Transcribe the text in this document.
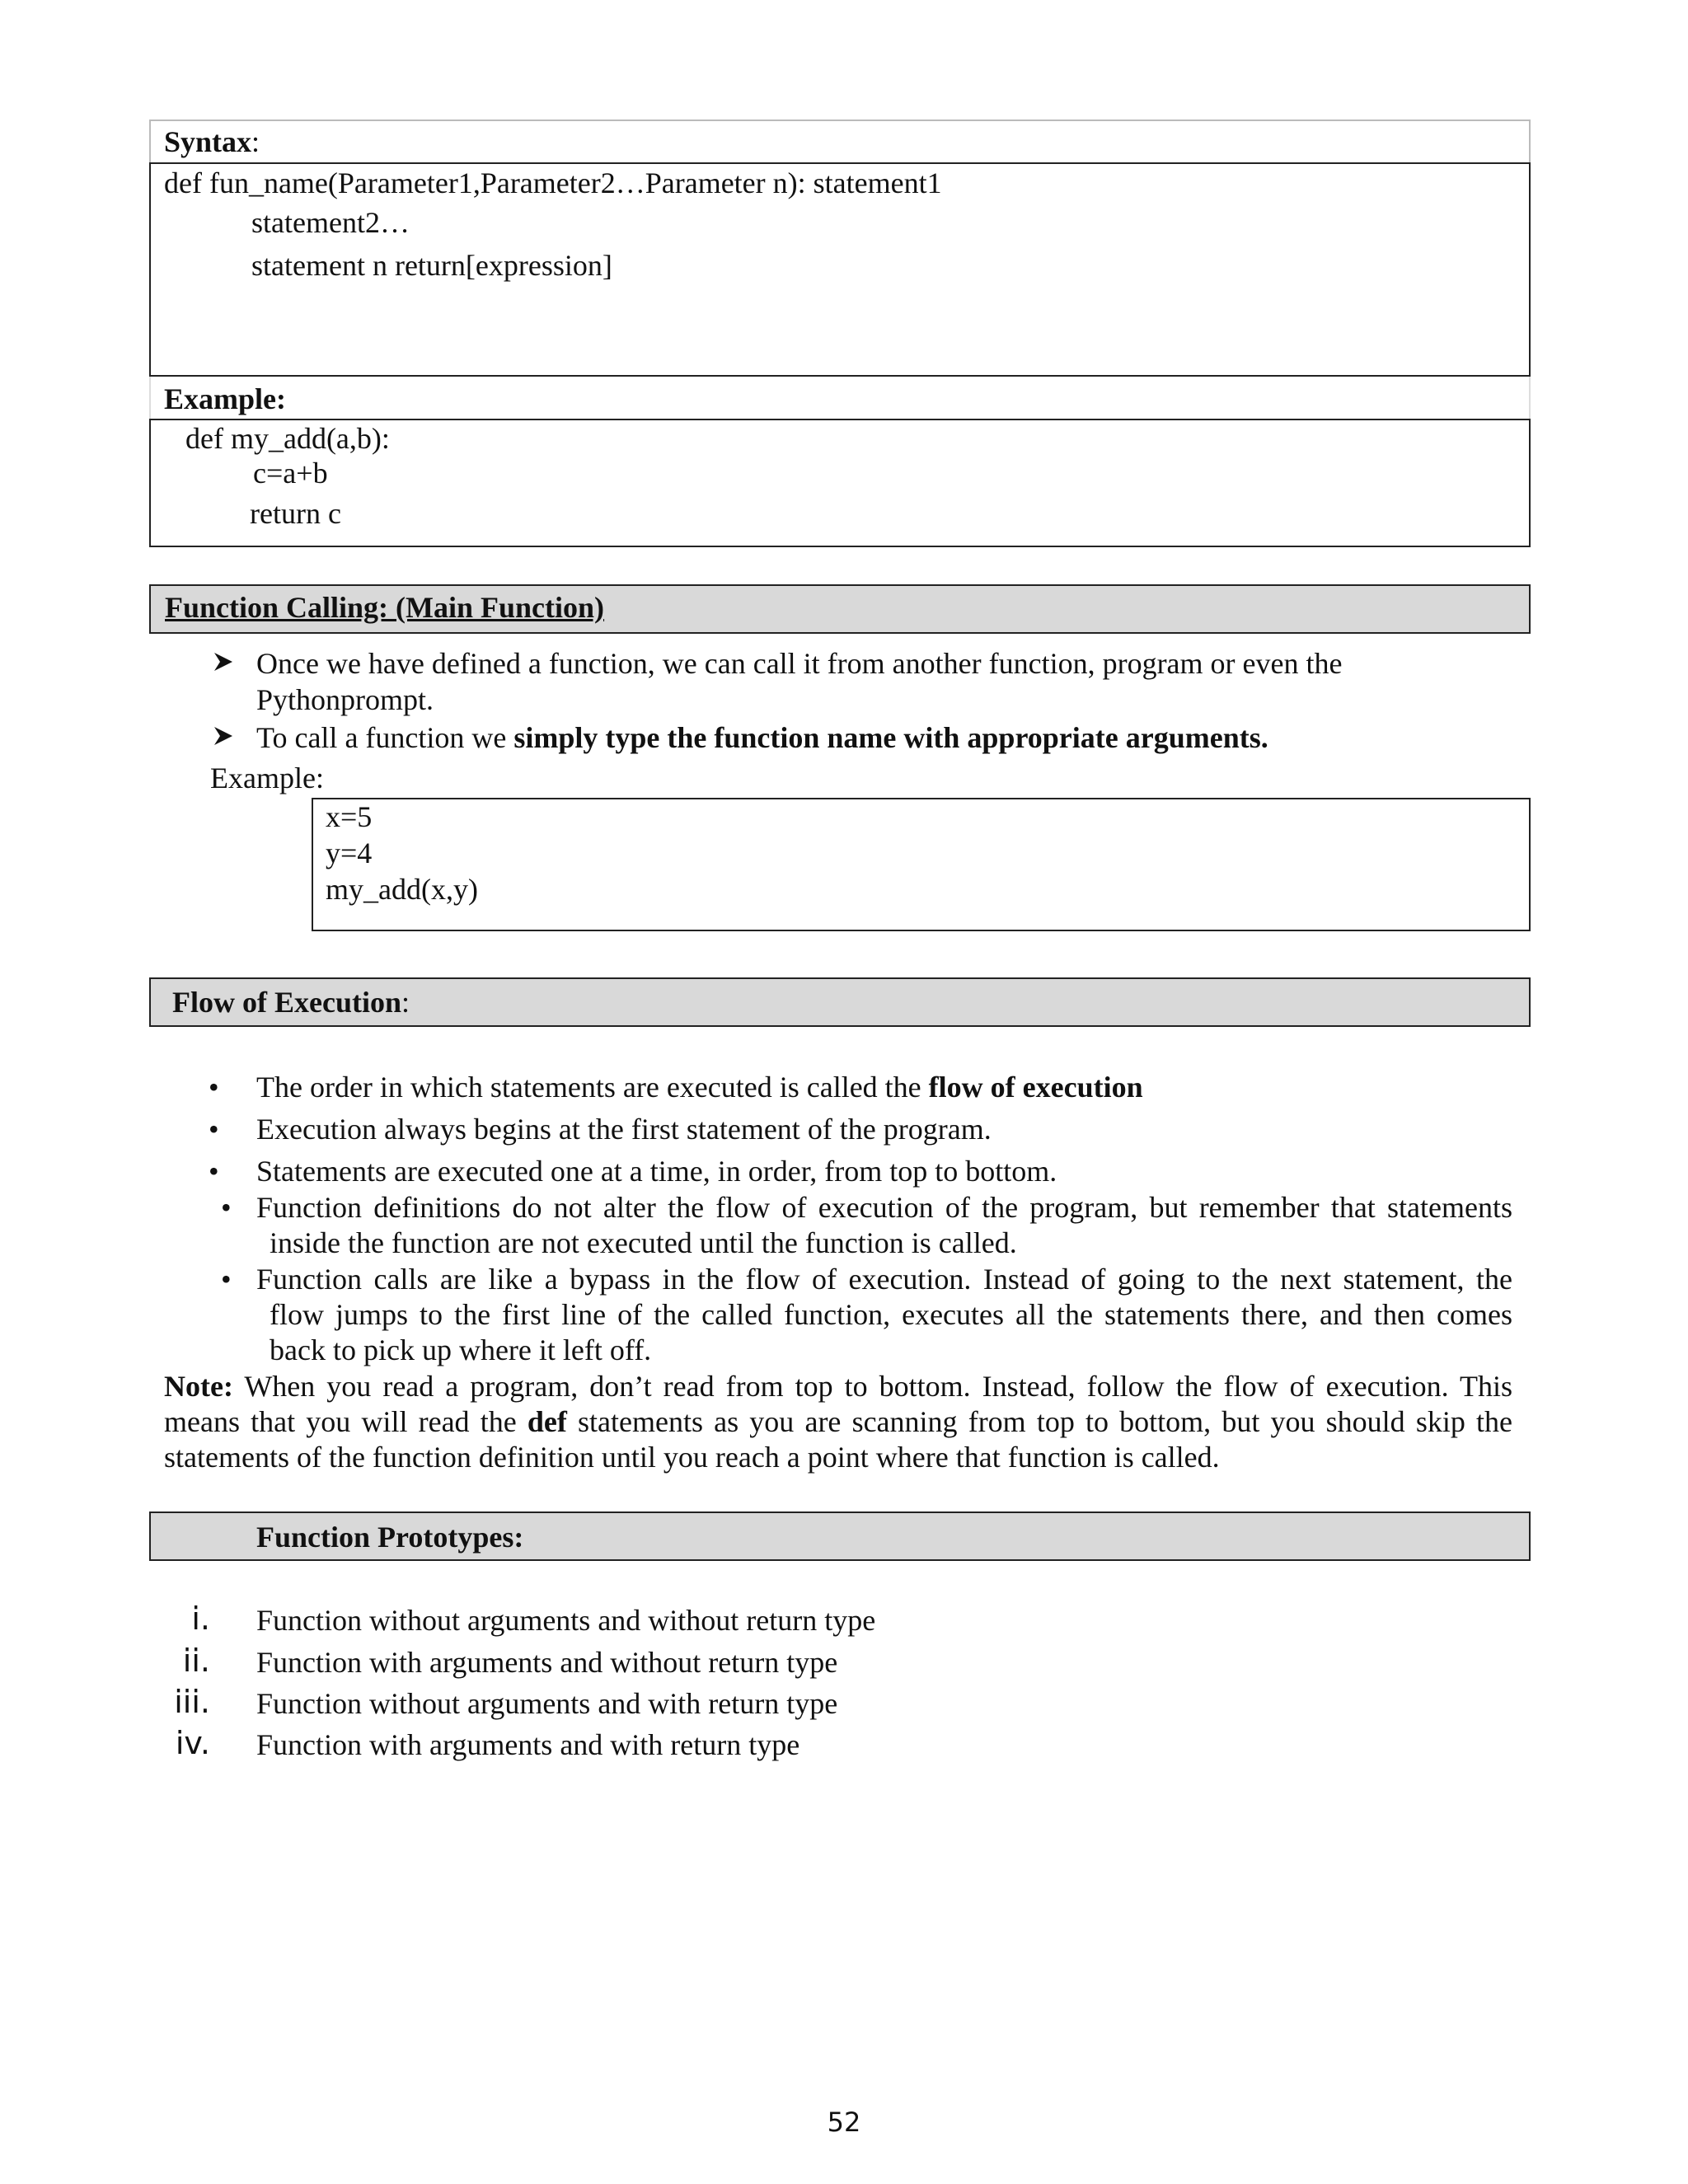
Syntax:
def fun_name(Parameter1,Parameter2…Parameter n): statement1
statement2…
statement n return[expression]
Example:
def my_add(a,b):
c=a+b
return c
Function Calling: (Main Function)
Once we have defined a function, we can call it from another function, program or even the
Pythonprompt.
To call a function we simply type the function name with appropriate arguments.
Example:
x=5
y=4
my_add(x,y)
Flow of Execution:
• The order in which statements are executed is called the flow of execution
• Execution always begins at the first statement of the program.
• Statements are executed one at a time, in order, from top to bottom.
• Function definitions do not alter the flow of execution of the program, but remember that statements
inside the function are not executed until the function is called.
• Function calls are like a bypass in the flow of execution. Instead of going to the next statement, the
flow jumps to the first line of the called function, executes all the statements there, and then comes
back to pick up where it left off.
Note: When you read a program, don’t read from top to bottom. Instead, follow the flow of execution. This
means that you will read the def statements as you are scanning from top to bottom, but you should skip the
statements of the function definition until you reach a point where that function is called.
Function Prototypes:
i. Function without arguments and without return type
ii. Function with arguments and without return type
iii. Function without arguments and with return type
iv. Function with arguments and with return type
52
